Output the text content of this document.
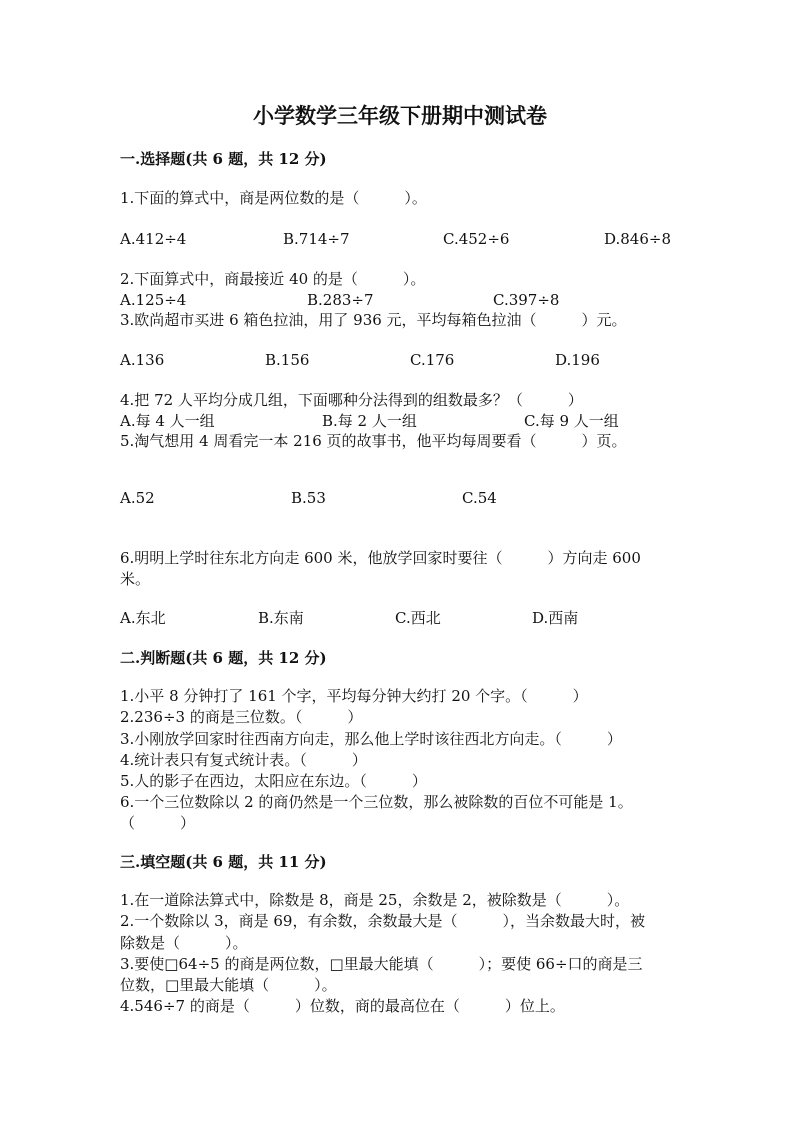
小学数学三年级下册期中测试卷
一.选择题(共 6 题，共 12 分)
1.下面的算式中，商是两位数的是（　　　）。
A.412÷4	B.714÷7	C.452÷6	D.846÷8
2.下面算式中，商最接近 40 的是（　　　）。
A.125÷4	B.283÷7	C.397÷8
3.欧尚超市买进 6 箱色拉油，用了 936 元，平均每箱色拉油（　　　）元。
A.136	B.156	C.176	D.196
4.把 72 人平均分成几组，下面哪种分法得到的组数最多？（　　　）
A.每 4 人一组	B.每 2 人一组	C.每 9 人一组
5.淘气想用 4 周看完一本 216 页的故事书，他平均每周要看（　　　）页。
A.52	B.53	C.54
6.明明上学时往东北方向走 600 米，他放学回家时要往（　　　）方向走 600
米。
A.东北	B.东南	C.西北	D.西南
二.判断题(共 6 题，共 12 分)
1.小平 8 分钟打了 161 个字，平均每分钟大约打 20 个字。（　　　）
2.236÷3 的商是三位数。（　　　）
3.小刚放学回家时往西南方向走，那么他上学时该往西北方向走。（　　　）
4.统计表只有复式统计表。（　　　）
5.人的影子在西边，太阳应在东边。（　　　）
6.一个三位数除以 2 的商仍然是一个三位数，那么被除数的百位不可能是 1。
（　　　）
三.填空题(共 6 题，共 11 分)
1.在一道除法算式中，除数是 8，商是 25，余数是 2，被除数是（　　　）。
2.一个数除以 3，商是 69，有余数，余数最大是（　　　），当余数最大时，被
除数是（　　　）。
3.要使□64÷5 的商是两位数，□里最大能填（　　　）；要使 66÷口的商是三
位数，□里最大能填（　　　）。
4.546÷7 的商是（　　　）位数，商的最高位在（　　　）位上。
